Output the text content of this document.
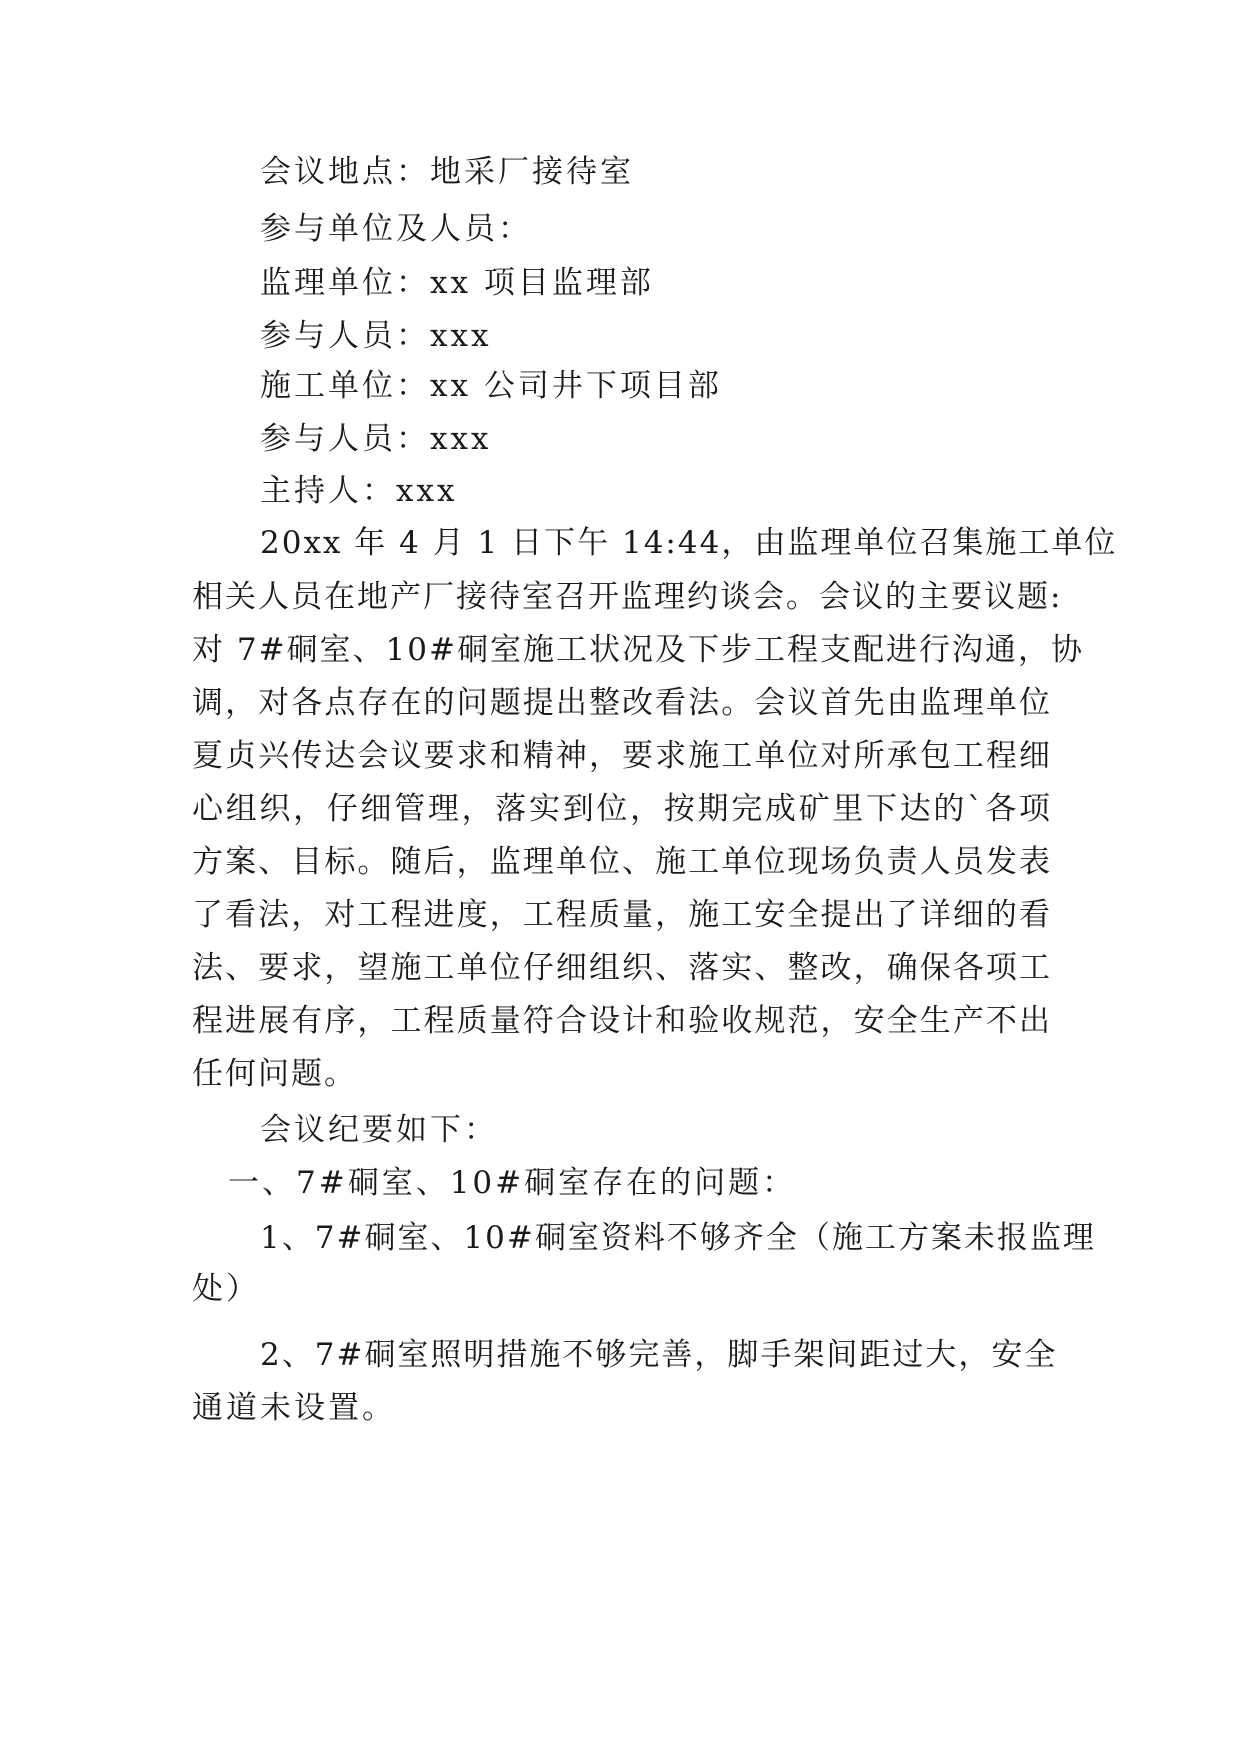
会议地点：地采厂接待室
参与单位及人员：
监理单位：xx 项目监理部
参与人员：xxx
施工单位：xx 公司井下项目部
参与人员：xxx
主持人：xxx
20xx 年 4 月 1 日下午 14:44，由监理单位召集施工单位
相关人员在地产厂接待室召开监理约谈会。会议的主要议题:
对 7#硐室、10#硐室施工状况及下步工程支配进行沟通，协
调，对各点存在的问题提出整改看法。会议首先由监理单位
夏贞兴传达会议要求和精神，要求施工单位对所承包工程细
心组织，仔细管理，落实到位，按期完成矿里下达的`各项
方案、目标。随后，监理单位、施工单位现场负责人员发表
了看法，对工程进度，工程质量，施工安全提出了详细的看
法、要求，望施工单位仔细组织、落实、整改，确保各项工
程进展有序，工程质量符合设计和验收规范，安全生产不出
任何问题。
会议纪要如下：
一、7#硐室、10#硐室存在的问题：
1、7#硐室、10#硐室资料不够齐全（施工方案未报监理
处）
2、7#硐室照明措施不够完善，脚手架间距过大，安全
通道未设置。
